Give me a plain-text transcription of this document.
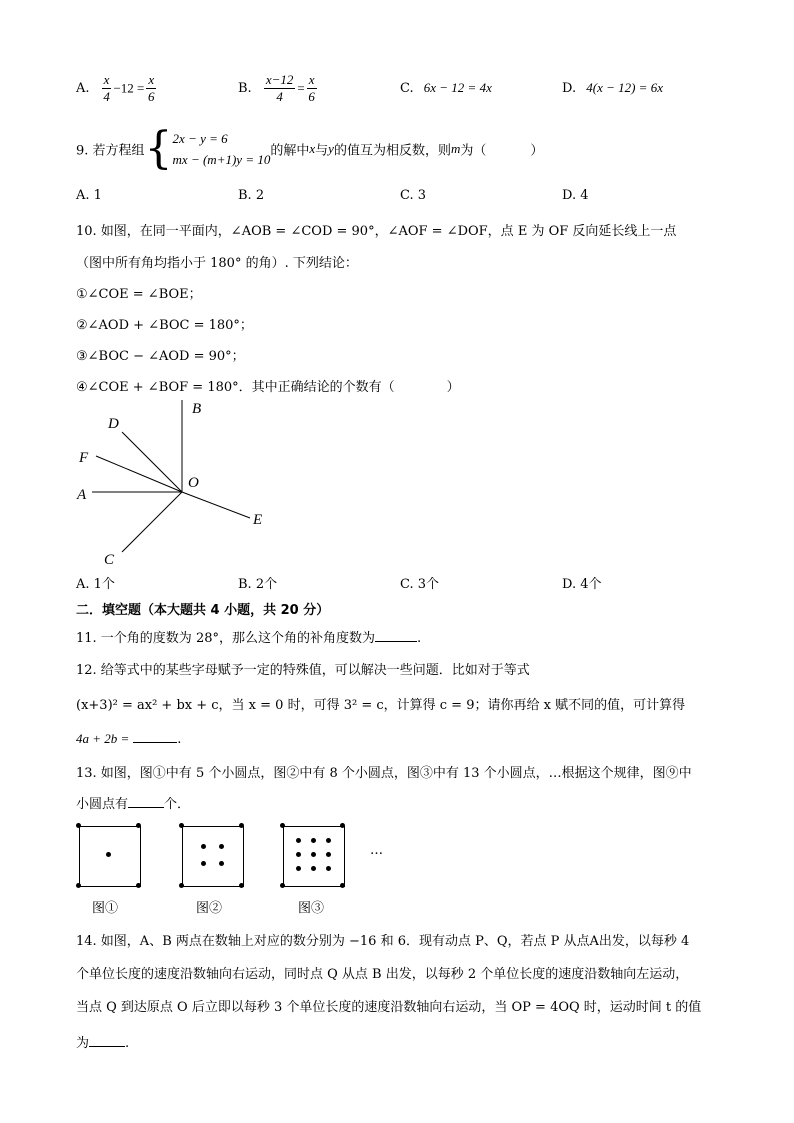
A. $\frac{x}{4} -12 = \frac{x}{6}$	B. $\frac{x-12}{4} = \frac{x}{6}$	C. 6x − 12 = 4x	D. 4(x − 12) = 6x
9. 若方程组{ 2x − y = 6
mx − (m+1)y = 10
的解中x与y的值互为相反数，则m为（	）
A. 1	B. 2	C. 3	D. 4
10. 如图，在同一平面内，∠AOB = ∠COD = 90°，∠AOF = ∠DOF，点 E 为 OF 反向延长线上一点
（图中所有角均指小于 180° 的角）. 下列结论：
①∠COE = ∠BOE；
②∠AOD + ∠BOC = 180°；
③∠BOC − ∠AOD = 90°；
④∠COE + ∠BOF = 180°．其中正确结论的个数有（	）
B
D
F
A
O
E
C
A. 1个	B. 2个	C. 3个	D. 4个
二．填空题（本大题共 4 小题，共 20 分）
11. 一个角的度数为 28°，那么这个角的补角度数为	.
12. 给等式中的某些字母赋予一定的特殊值，可以解决一些问题．比如对于等式
(x+3)² = ax² + bx + c，当 x = 0 时，可得 3² = c，计算得 c = 9；请你再给 x 赋不同的值，可计算得
4a + 2b =	.
13. 如图，图①中有 5 个小圆点，图②中有 8 个小圆点，图③中有 13 个小圆点，…根据这个规律，图⑨中
小圆点有	个．
…
图①	图②	图③
14. 如图，A、B 两点在数轴上对应的数分别为 −16 和 6．现有动点 P、Q，若点 P 从点A出发，以每秒 4
个单位长度的速度沿数轴向右运动，同时点 Q 从点 B 出发，以每秒 2 个单位长度的速度沿数轴向左运动，
当点 Q 到达原点 O 后立即以每秒 3 个单位长度的速度沿数轴向右运动，当 OP = 4OQ 时，运动时间 t 的值
为	.
